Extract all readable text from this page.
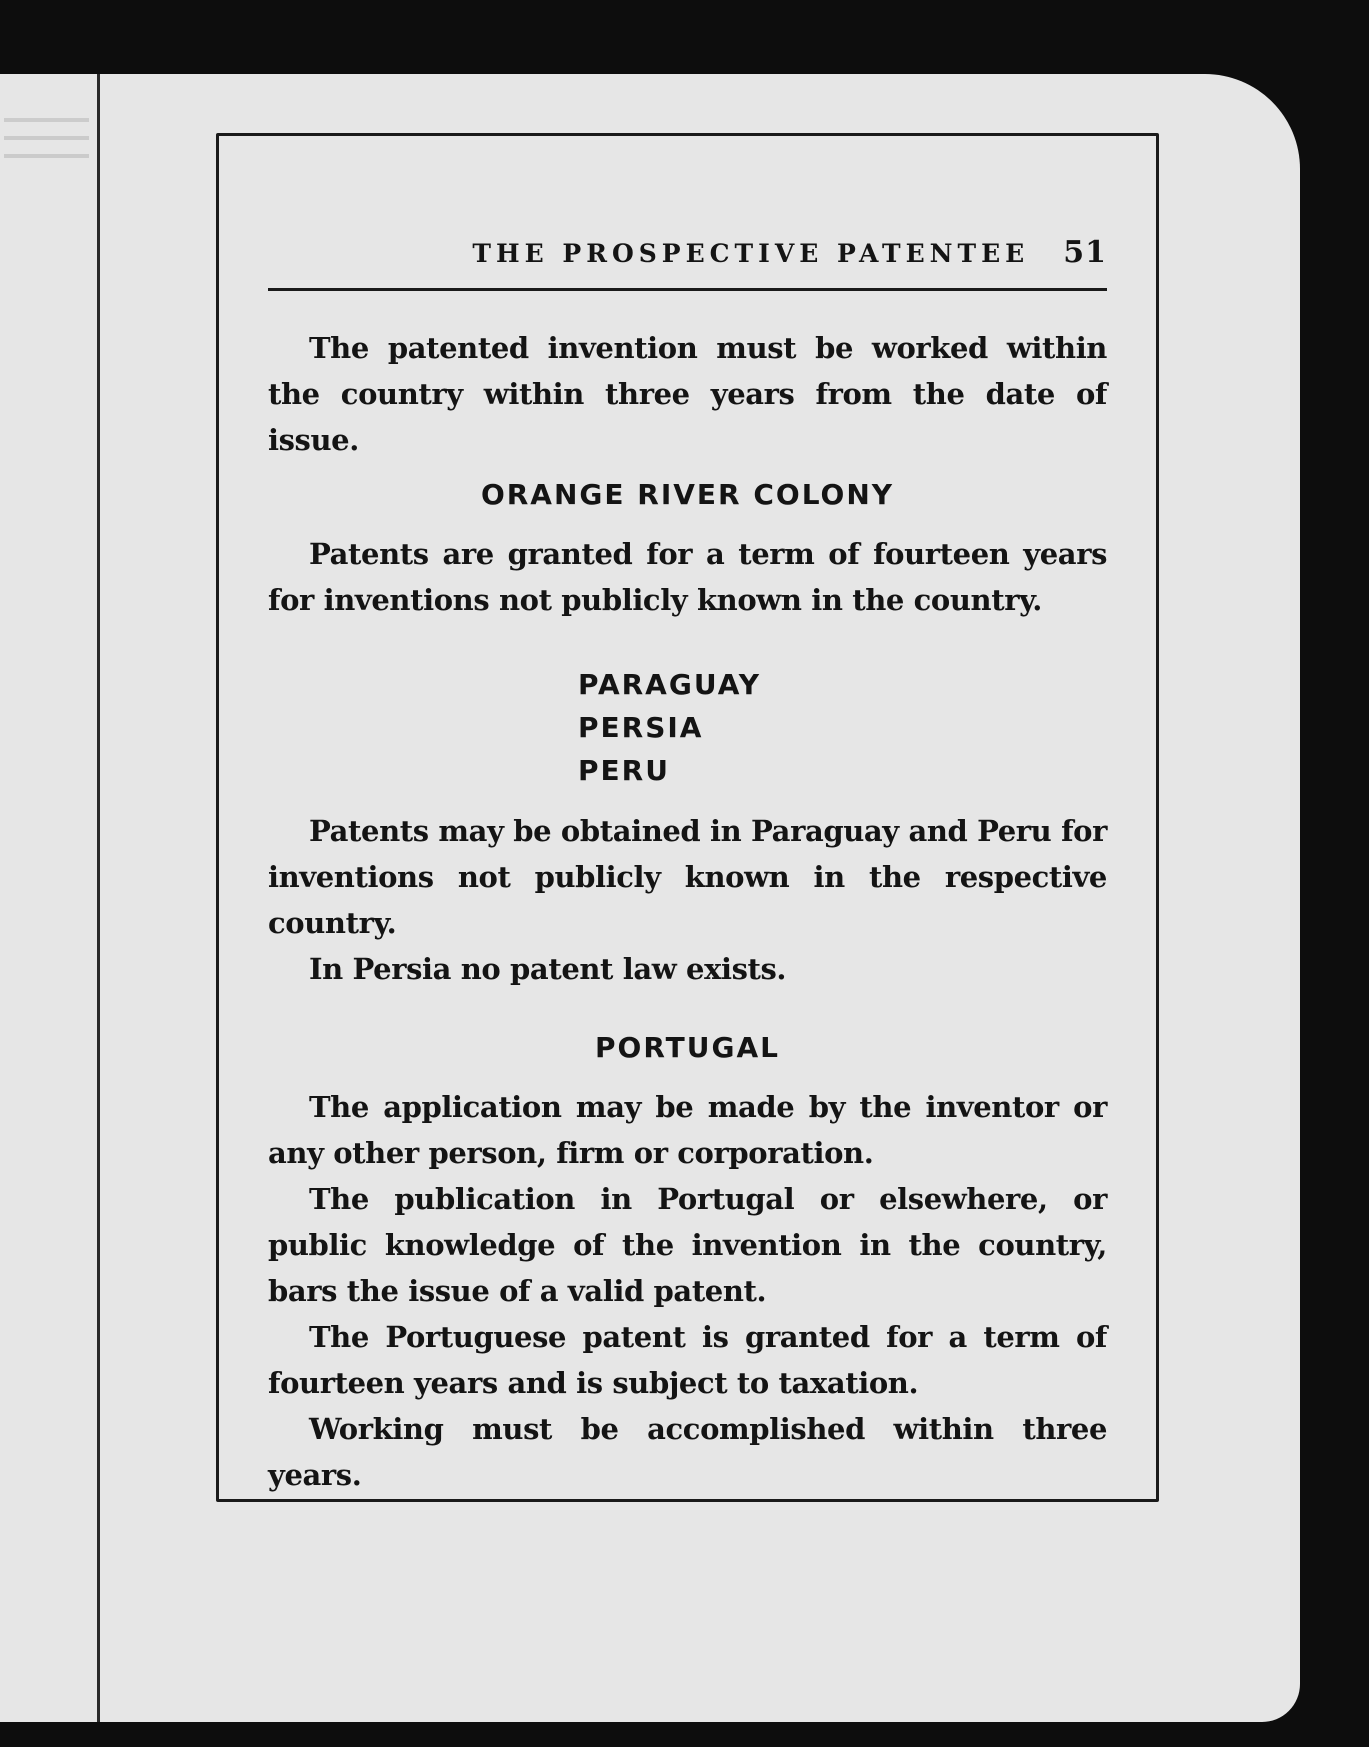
THE PROSPECTIVE PATENTEE 51

The patented invention must be worked within the country within three years from the date of issue.

ORANGE RIVER COLONY

Patents are granted for a term of fourteen years for inventions not publicly known in the country.

PARAGUAY
PERSIA
PERU

Patents may be obtained in Paraguay and Peru for inventions not publicly known in the respective country.

In Persia no patent law exists.

PORTUGAL

The application may be made by the inventor or any other person, firm or corporation.

The publication in Portugal or elsewhere, or public knowledge of the invention in the country, bars the issue of a valid patent.

The Portuguese patent is granted for a term of fourteen years and is subject to taxation.

Working must be accomplished within three years.
